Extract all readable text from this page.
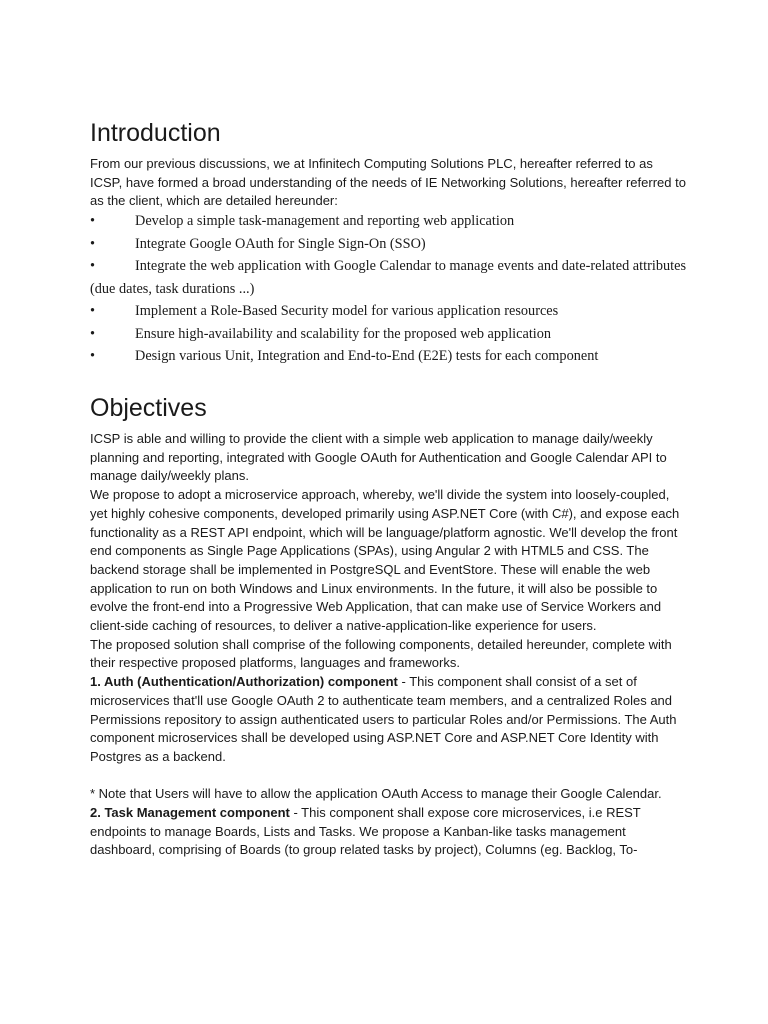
Introduction

From our previous discussions, we at Infinitech Computing Solutions PLC, hereafter referred to as ICSP, have formed a broad understanding of the needs of IE Networking Solutions, hereafter referred to as the client, which are detailed hereunder:

•	Develop a simple task-management and reporting web application
•	Integrate Google OAuth for Single Sign-On (SSO)
•	Integrate the web application with Google Calendar to manage events and date-related attributes (due dates, task durations ...)
•	Implement a Role-Based Security model for various application resources
•	Ensure high-availability and scalability for the proposed web application
•	Design various Unit, Integration and End-to-End (E2E) tests for each component
Objectives

ICSP is able and willing to provide the client with a simple web application to manage daily/weekly planning and reporting, integrated with Google OAuth for Authentication and Google Calendar API to manage daily/weekly plans.

We propose to adopt a microservice approach, whereby, we'll divide the system into loosely-coupled, yet highly cohesive components, developed primarily using ASP.NET Core (with C#), and expose each functionality as a REST API endpoint, which will be language/platform agnostic. We'll develop the front end components as Single Page Applications (SPAs), using Angular 2 with HTML5 and CSS. The backend storage shall be implemented in PostgreSQL and EventStore. These will enable the web application to run on both Windows and Linux environments. In the future, it will also be possible to evolve the front-end into a Progressive Web Application, that can make use of Service Workers and client-side caching of resources, to deliver a native-application-like experience for users.

The proposed solution shall comprise of the following components, detailed hereunder, complete with their respective proposed platforms, languages and frameworks.

1. Auth (Authentication/Authorization) component - This component shall consist of a set of microservices that'll use Google OAuth 2 to authenticate team members, and a centralized Roles and Permissions repository to assign authenticated users to particular Roles and/or Permissions. The Auth component microservices shall be developed using ASP.NET Core and ASP.NET Core Identity with Postgres as a backend.

* Note that Users will have to allow the application OAuth Access to manage their Google Calendar.

2. Task Management component - This component shall expose core microservices, i.e REST endpoints to manage Boards, Lists and Tasks. We propose a Kanban-like tasks management dashboard, comprising of Boards (to group related tasks by project), Columns (eg. Backlog, To-
